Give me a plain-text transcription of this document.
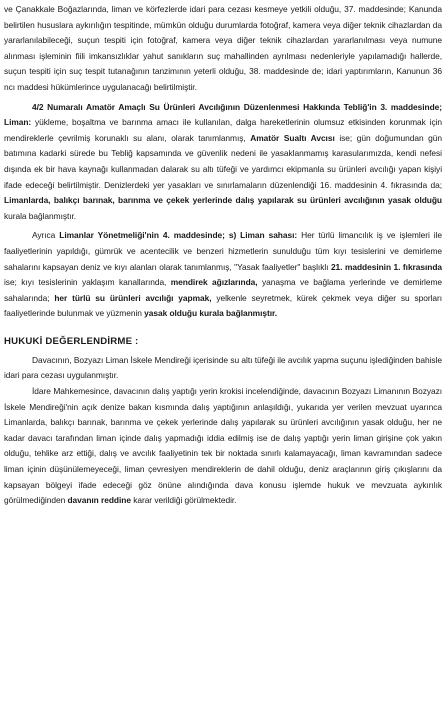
ve Çanakkale Boğazlarında, liman ve körfezlerde idari para cezası kesmeye yetkili olduğu, 37. maddesinde; Kanunda belirtilen hususlara aykırılığın tespitinde, mümkün olduğu durumlarda fotoğraf, kamera veya diğer teknik cihazlardan da yararlanılabileceği, suçun tespiti için fotoğraf, kamera veya diğer teknik cihazlardan yararlanılması veya numune alınması işleminin fiili imkansızlıklar yahut sanıkların suç mahallinden ayrılması nedenleriyle yapılamadığı hallerde, suçun tespiti için suç tespit tutanağının tanzimının yeterli olduğu, 38. maddesinde de; idari yaptırımların, Kanunun 36 ncı maddesi hükümlerince uygulanacağı belirtilmiştir.

4/2 Numaralı Amatör Amaçlı Su Ürünleri Avcılığının Düzenlenmesi Hakkında Tebliğ'in 3. maddesinde; Liman: yükleme, boşaltma ve barınma amacı ile kullanılan, dalga hareketlerinin olumsuz etkisinden korunmak için mendireklerle çevrilmiş korunaklı su alanı, olarak tanımlanmış, Amatör Sualtı Avcısı ise; gün doğumundan gün batımına kadarki sürede bu Tebliğ kapsamında ve güvenlik nedeni ile yasaklanmamış karasularımızda, kendi nefesi dışında ek bir hava kaynağı kullanmadan dalarak su altı tüfeği ve yardımcı ekipmanla su ürünleri avcılığı yapan kişiyi ifade edeceği belirtilmiştir. Denizlerdeki yer yasakları ve sınırlamaların düzenlendiği 16. maddesinin 4. fıkrasında da; Limanlarda, balıkçı barınak, barınma ve çekek yerlerinde dalış yapılarak su ürünleri avcılığının yasak olduğu kurala bağlanmıştır.

Ayrıca Limanlar Yönetmeliği'nin 4. maddesinde; s) Liman sahası: Her türlü limancılık iş ve işlemleri ile faaliyetlerinin yapıldığı, gümrük ve acentecilik ve benzeri hizmetlerin sunulduğu tüm kıyı tesislerini ve demirleme sahalarını kapsayan deniz ve kıyı alanları olarak tanımlanmış, "Yasak faaliyetler" başlıklı 21. maddesinin 1. fıkrasında ise; kıyı tesislerinin yaklaşım kanallarında, mendirek ağızlarında, yanaşma ve bağlama yerlerinde ve demirleme sahalarında; her türlü su ürünleri avcılığı yapmak, yelkenle seyretmek, kürek çekmek veya diğer su sporları faaliyetlerinde bulunmak ve yüzmenin yasak olduğu kurala bağlanmıştır.

HUKUKİ DEĞERLENDİRME :

Davacının, Bozyazı Liman İskele Mendireği içerisinde su altı tüfeği ile avcılık yapma suçunu işlediğinden bahisle idari para cezası uygulanmıştır.

İdare Mahkemesince, davacının dalış yaptığı yerin krokisi incelendiğinde, davacının Bozyazı Limanının Bozyazı İskele Mendireği'nin açık denize bakan kısmında dalış yaptığının anlaşıldığı, yukarıda yer verilen mevzuat uyarınca Limanlarda, balıkçı barınak, barınma ve çekek yerlerinde dalış yapılarak su ürünleri avcılığının yasak olduğu, her ne kadar davacı tarafından liman içinde dalış yapmadığı iddia edilmiş ise de dalış yaptığı yerin liman girişine çok yakın olduğu, tehlike arz ettiği, dalış ve avcılık faaliyetinin tek bir noktada sınırlı kalamayacağı, liman kavramından sadece liman içinin düşünülemeyeceği, liman çevresiyen mendireklerin de dahil olduğu, deniz araçlarının giriş çıkışlarını da kapsayan bölgeyi ifade edeceği göz önüne alındığında dava konusu işlemde hukuk ve mevzuata aykırılık görülmediğinden davanın reddine karar verildiği görülmektedir.
